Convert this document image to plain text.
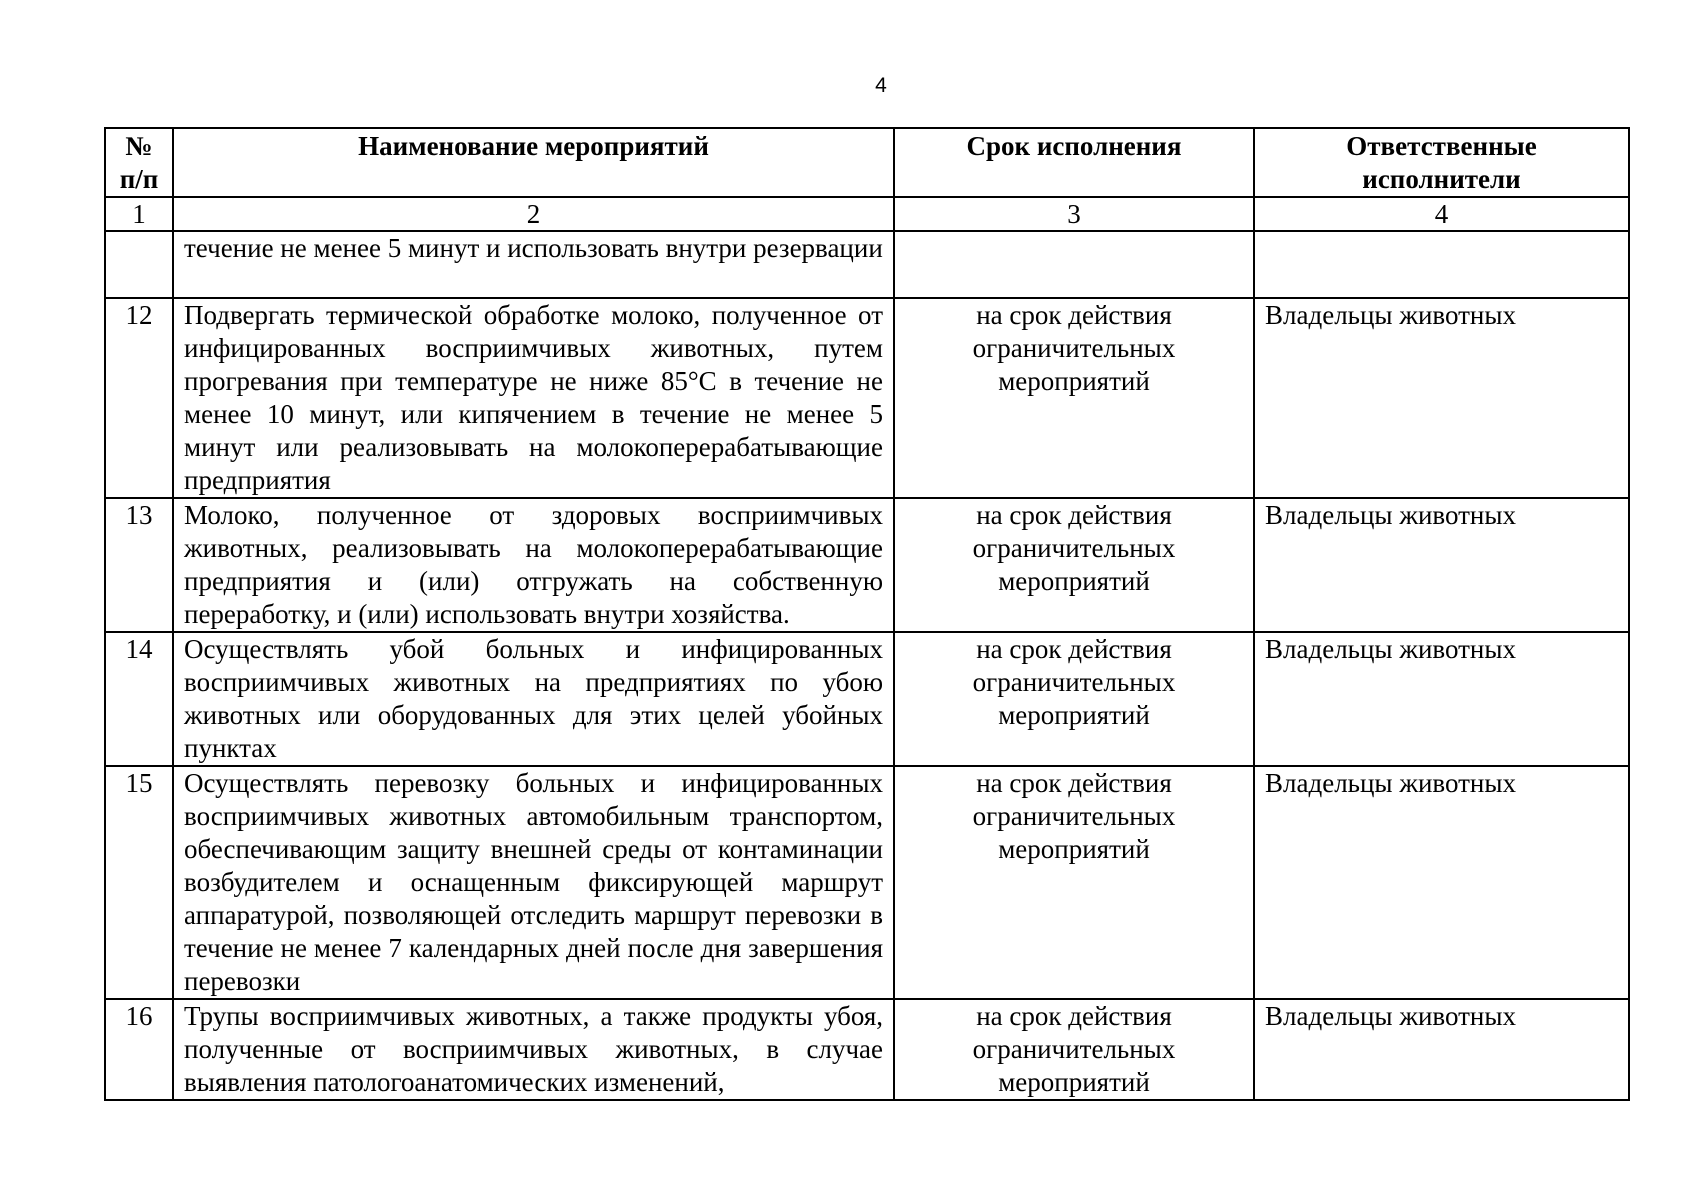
4
№ п/п	Наименование мероприятий	Срок исполнения	Ответственные исполнители
1	2	3	4
	течение не менее 5 минут и использовать внутри резервации		
12	Подвергать термической обработке молоко, полученное от инфицированных восприимчивых животных, путем прогревания при температуре не ниже 85°С в течение не менее 10 минут, или кипячением в течение не менее 5 минут или реализовывать на молокоперерабатывающие предприятия	на срок действия ограничительных мероприятий	Владельцы животных
13	Молоко, полученное от здоровых восприимчивых животных, реализовывать на молокоперерабатывающие предприятия и (или) отгружать на собственную переработку, и (или) использовать внутри хозяйства.	на срок действия ограничительных мероприятий	Владельцы животных
14	Осуществлять убой больных и инфицированных восприимчивых животных на предприятиях по убою животных или оборудованных для этих целей убойных пунктах	на срок действия ограничительных мероприятий	Владельцы животных
15	Осуществлять перевозку больных и инфицированных восприимчивых животных автомобильным транспортом, обеспечивающим защиту внешней среды от контаминации возбудителем и оснащенным фиксирующей маршрут аппаратурой, позволяющей отследить маршрут перевозки в течение не менее 7 календарных дней после дня завершения перевозки	на срок действия ограничительных мероприятий	Владельцы животных
16	Трупы восприимчивых животных, а также продукты убоя, полученные от восприимчивых животных, в случае выявления патологоанатомических изменений,	на срок действия ограничительных мероприятий	Владельцы животных
